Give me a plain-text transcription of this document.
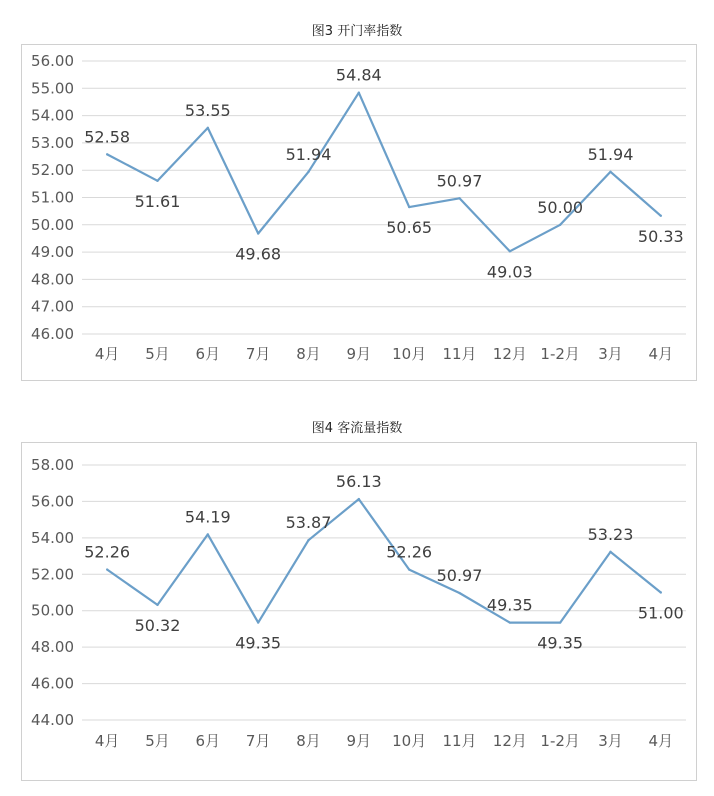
图3 开门率指数
图4 客流量指数
46.00
47.00
48.00
49.00
50.00
51.00
52.00
53.00
54.00
55.00
56.00
4月 5月 6月 7月 8月 9月 10月 11月 12月 1-2月 3月 4月
52.58
51.61
53.55
49.68
51.94
54.84
50.65
50.97
49.03
50.00
51.94
50.33
44.00
46.00
48.00
50.00
52.00
54.00
56.00
58.00
4月 5月 6月 7月 8月 9月 10月 11月 12月 1-2月 3月 4月
52.26
50.32
54.19
49.35
53.87
56.13
52.26
50.97
49.35
49.35
53.23
51.00
